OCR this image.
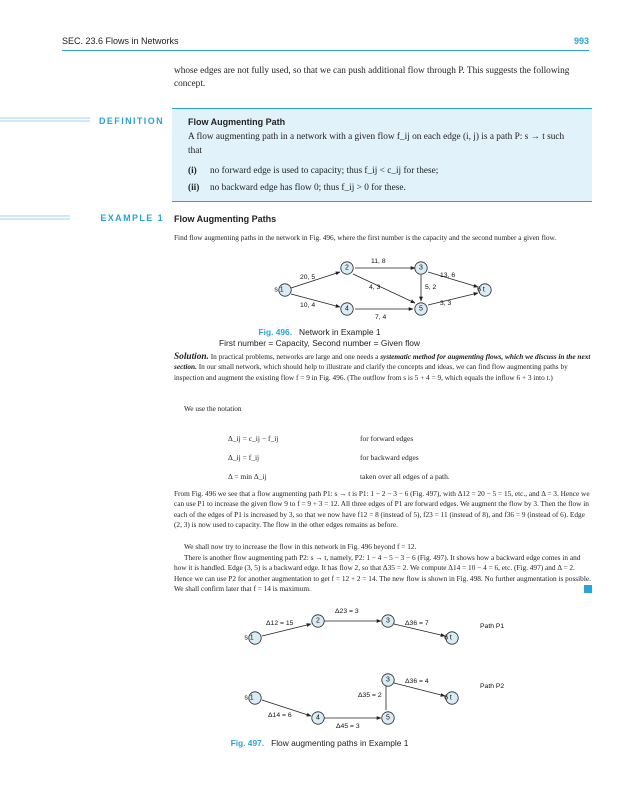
SEC. 23.6 Flows in Networks	993
whose edges are not fully used, so that we can push additional flow through P. This suggests the following concept.
DEFINITION	Flow Augmenting Path
A flow augmenting path in a network with a given flow f_ij on each edge (i, j) is a path P: s → t such that
(i) no forward edge is used to capacity; thus f_ij < c_ij for these;
(ii) no backward edge has flow 0; thus f_ij > 0 for these.
EXAMPLE 1 Flow Augmenting Paths
Find flow augmenting paths in the network in Fig. 496, where the first number is the capacity and the second number a given flow.
s 1
2	3
4	5
6 t
20, 5
11, 8
13, 6
4, 3	5, 2
10, 4
7, 4
3, 3
s 1
2	3
6 t
Δ12 = 15
Δ23 = 3
Δ36 = 7	Path P1
s 1
4	5
3
6 t
Δ14 = 6
Δ45 = 3
Δ35 = 2
Δ36 = 4
Path P2
Fig. 496. Network in Example 1
First number = Capacity, Second number = Given flow
Solution. In practical problems, networks are large and one needs a systematic method for augmenting flows, which we discuss in the next section. In our small network, which should help to illustrate and clarify the concepts and ideas, we can find flow augmenting paths by inspection and augment the existing flow f = 9 in Fig. 496. (The outflow from s is 5 + 4 = 9, which equals the inflow 6 + 3 into t.)
We use the notation
Δ_ij = c_ij − f_ij	for forward edges
Δ_ij = f_ij	for backward edges
Δ = min Δ_ij	taken over all edges of a path.
From Fig. 496 we see that a flow augmenting path P1: s → t is P1: 1 − 2 − 3 − 6 (Fig. 497), with Δ12 = 20 − 5 = 15, etc., and Δ = 3. Hence we can use P1 to increase the given flow 9 to f = 9 + 3 = 12. All three edges of P1 are forward edges. We augment the flow by 3. Then the flow in each of the edges of P1 is increased by 3, so that we now have f12 = 8 (instead of 5), f23 = 11 (instead of 8), and f36 = 9 (instead of 6). Edge (2, 3) is now used to capacity. The flow in the other edges remains as before.
We shall now try to increase the flow in this network in Fig. 496 beyond f = 12.
There is another flow augmenting path P2: s → t, namely, P2: 1 − 4 − 5 − 3 − 6 (Fig. 497). It shows how a backward edge comes in and how it is handled. Edge (3, 5) is a backward edge. It has flow 2, so that Δ35 = 2. We compute Δ14 = 10 − 4 = 6, etc. (Fig. 497) and Δ = 2. Hence we can use P2 for another augmentation to get f = 12 + 2 = 14. The new flow is shown in Fig. 498. No further augmentation is possible. We shall confirm later that f = 14 is maximum.
Fig. 497. Flow augmenting paths in Example 1
